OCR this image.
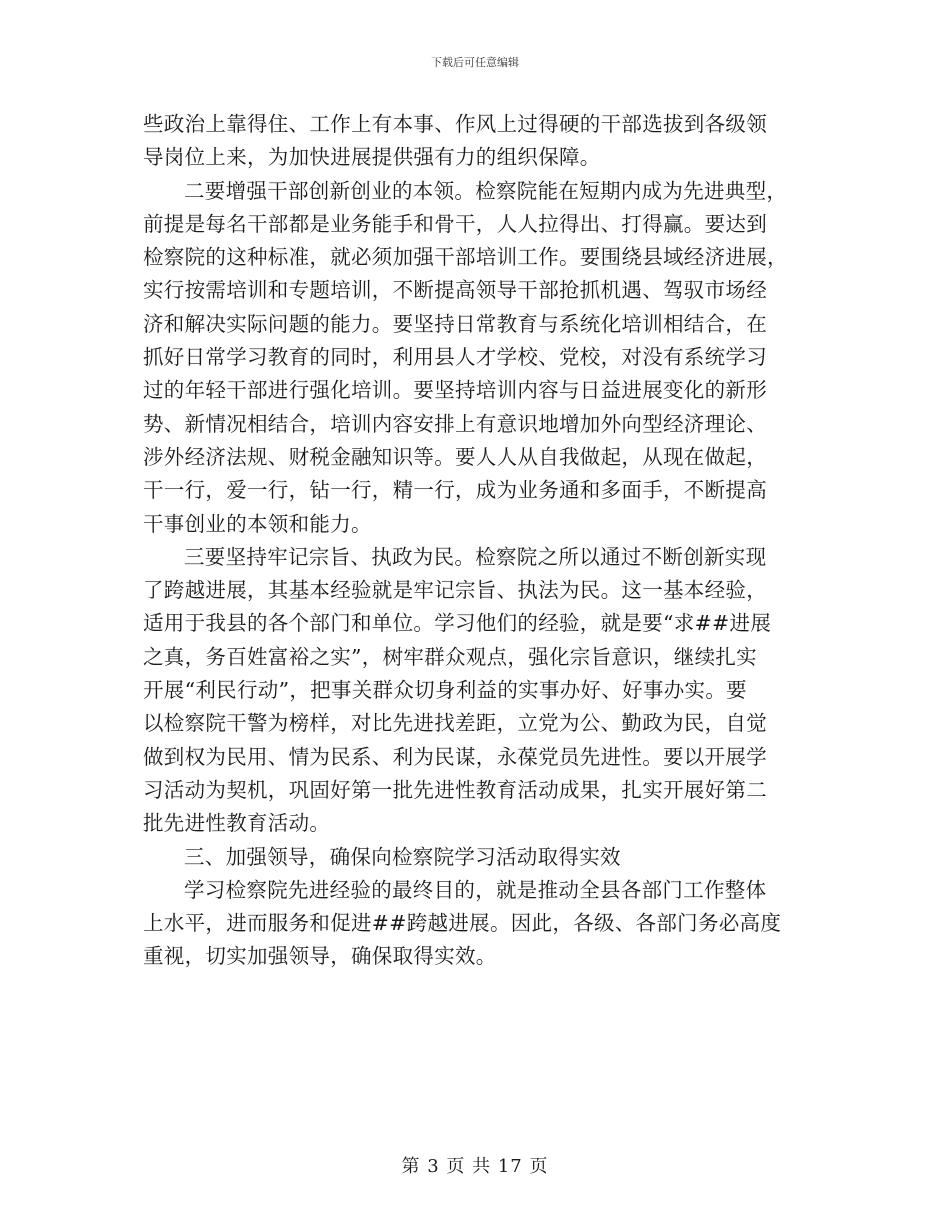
下载后可任意编辑
些政治上靠得住、工作上有本事、作风上过得硬的干部选拔到各级领
导岗位上来，为加快进展提供强有力的组织保障。
二要增强干部创新创业的本领。检察院能在短期内成为先进典型，
前提是每名干部都是业务能手和骨干，人人拉得出、打得赢。要达到
检察院的这种标准，就必须加强干部培训工作。要围绕县域经济进展，
实行按需培训和专题培训，不断提高领导干部抢抓机遇、驾驭市场经
济和解决实际问题的能力。要坚持日常教育与系统化培训相结合，在
抓好日常学习教育的同时，利用县人才学校、党校，对没有系统学习
过的年轻干部进行强化培训。要坚持培训内容与日益进展变化的新形
势、新情况相结合，培训内容安排上有意识地增加外向型经济理论、
涉外经济法规、财税金融知识等。要人人从自我做起，从现在做起，
干一行，爱一行，钻一行，精一行，成为业务通和多面手，不断提高
干事创业的本领和能力。
三要坚持牢记宗旨、执政为民。检察院之所以通过不断创新实现
了跨越进展，其基本经验就是牢记宗旨、执法为民。这一基本经验，
适用于我县的各个部门和单位。学习他们的经验，就是要“求##进展
之真，务百姓富裕之实”，树牢群众观点，强化宗旨意识，继续扎实
开展“利民行动”，把事关群众切身利益的实事办好、好事办实。要
以检察院干警为榜样，对比先进找差距，立党为公、勤政为民，自觉
做到权为民用、情为民系、利为民谋，永葆党员先进性。要以开展学
习活动为契机，巩固好第一批先进性教育活动成果，扎实开展好第二
批先进性教育活动。
三、加强领导，确保向检察院学习活动取得实效
学习检察院先进经验的最终目的，就是推动全县各部门工作整体
上水平，进而服务和促进##跨越进展。因此，各级、各部门务必高度
重视，切实加强领导，确保取得实效。
第 3 页 共 17 页
